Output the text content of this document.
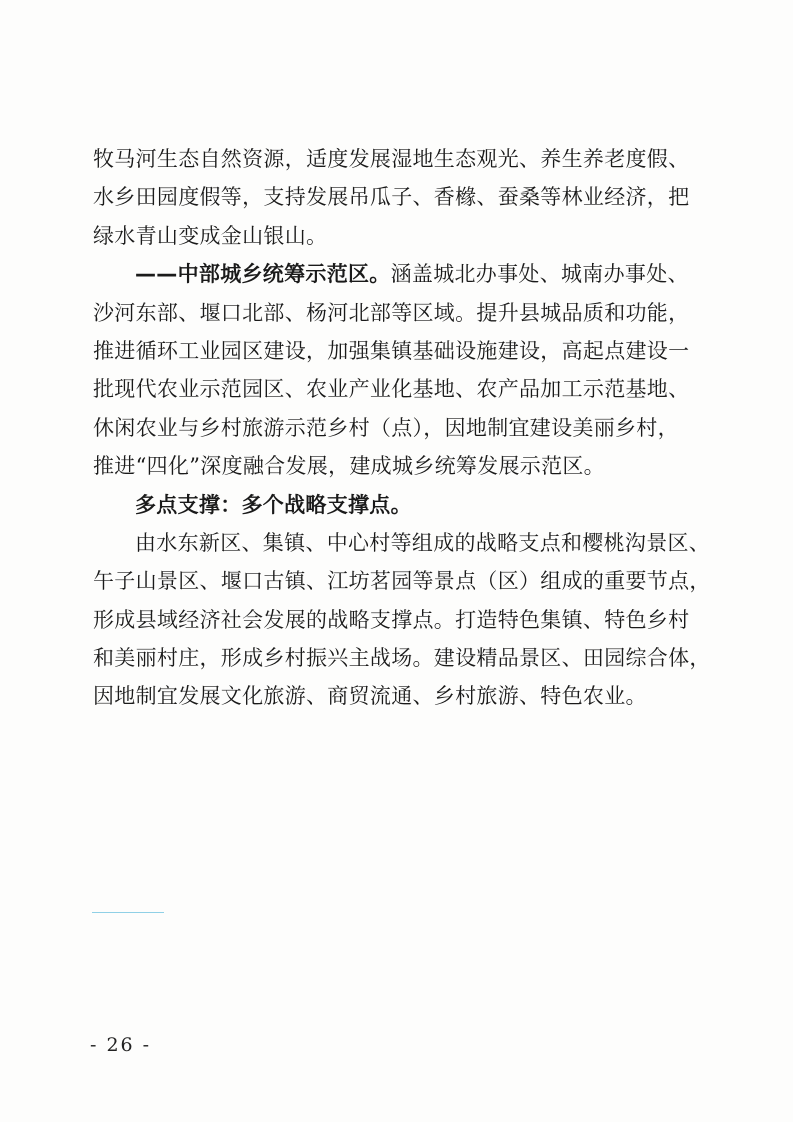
牧马河生态自然资源，适度发展湿地生态观光、养生养老度假、

水乡田园度假等，支持发展吊瓜子、香橼、蚕桑等林业经济，把

绿水青山变成金山银山。

——中部城乡统筹示范区。涵盖城北办事处、城南办事处、

沙河东部、堰口北部、杨河北部等区域。提升县城品质和功能，

推进循环工业园区建设，加强集镇基础设施建设，高起点建设一

批现代农业示范园区、农业产业化基地、农产品加工示范基地、

休闲农业与乡村旅游示范乡村（点），因地制宜建设美丽乡村，

推进“四化”深度融合发展，建成城乡统筹发展示范区。

多点支撑：多个战略支撑点。

由水东新区、集镇、中心村等组成的战略支点和樱桃沟景区、

午子山景区、堰口古镇、江坊茗园等景点（区）组成的重要节点，

形成县域经济社会发展的战略支撑点。打造特色集镇、特色乡村

和美丽村庄，形成乡村振兴主战场。建设精品景区、田园综合体，

因地制宜发展文化旅游、商贸流通、乡村旅游、特色农业。

- 26 -
